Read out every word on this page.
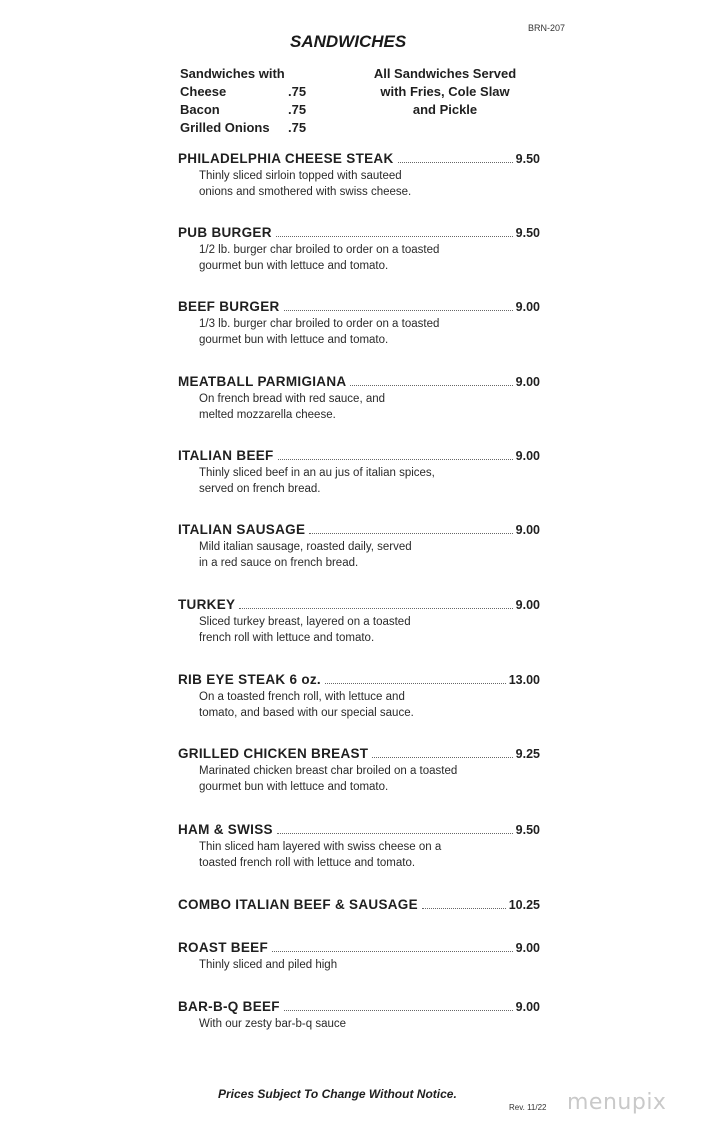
BRN-207
SANDWICHES
Sandwiches with
Cheese	.75
Bacon	.75
Grilled Onions	.75
All Sandwiches Served
with Fries, Cole Slaw
and Pickle
PHILADELPHIA CHEESE STEAK	9.50
Thinly sliced sirloin topped with sauteed
onions and smothered with swiss cheese.
PUB BURGER	9.50
1/2 lb. burger char broiled to order on a toasted
gourmet bun with lettuce and tomato.
BEEF BURGER	9.00
1/3 lb. burger char broiled to order on a toasted
gourmet bun with lettuce and tomato.
MEATBALL PARMIGIANA	9.00
On french bread with red sauce, and
melted mozzarella cheese.
ITALIAN BEEF	9.00
Thinly sliced beef in an au jus of italian spices,
served on french bread.
ITALIAN SAUSAGE	9.00
Mild italian sausage, roasted daily, served
in a red sauce on french bread.
TURKEY	9.00
Sliced turkey breast, layered on a toasted
french roll with lettuce and tomato.
RIB EYE STEAK 6 oz.	13.00
On a toasted french roll, with lettuce and
tomato, and based with our special sauce.
GRILLED CHICKEN BREAST	9.25
Marinated chicken breast char broiled on a toasted
gourmet bun with lettuce and tomato.
HAM & SWISS	9.50
Thin sliced ham layered with swiss cheese on a
toasted french roll with lettuce and tomato.
COMBO ITALIAN BEEF & SAUSAGE	10.25
ROAST BEEF	9.00
Thinly sliced and piled high
BAR-B-Q BEEF	9.00
With our zesty bar-b-q sauce
Prices Subject To Change Without Notice.
Rev. 11/22 menupix
